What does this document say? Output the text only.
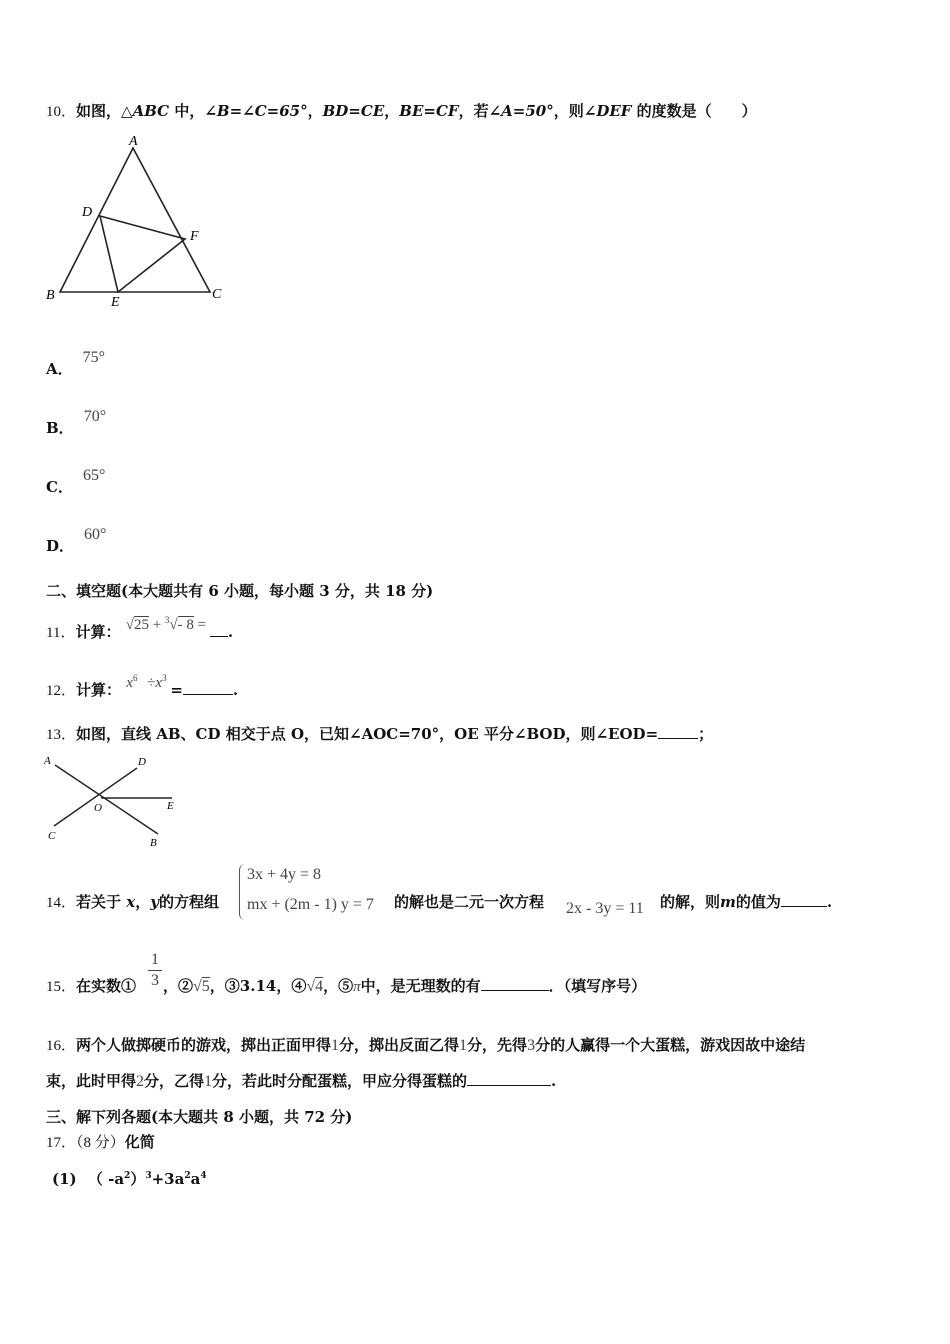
10．如图，△ABC 中，∠B=∠C=65°，BD=CE，BE=CF，若∠A=50°，则∠DEF 的度数是（　　）
A
B	C
D
E
F
A．75°
B．70°
C．65°
D．60°
二、填空题(本大题共有 6 小题，每小题 3 分，共 18 分)
11．计算： √25 + $^3$√- 8 = .
12．计算： $x^6 \div x^3$ =	.
13．如图，直线 AB、CD 相交于点 O，已知∠AOC=70°，OE 平分∠BOD，则∠EOD=	；
A
B
C
D
E
O
14．若关于 x，y的方程组
3x + 4y = 8
mx + (2m - 1) y = 7 的解也是二元一次方程 2x - 3y = 11 的解，则m的值为	.
15．在实数① $\frac{1}{3}$ ，②√5，③3.14，④√4，⑤π中，是无理数的有	．（填写序号）
16．两个人做掷硬币的游戏，掷出正面甲得1分，掷出反面乙得1分，先得3分的人赢得一个大蛋糕，游戏因故中途结
束，此时甲得2分，乙得1分，若此时分配蛋糕，甲应分得蛋糕的	.
三、解下列各题(本大题共 8 小题，共 72 分)
17．（8 分）化简
(1) （ $-a^2)^3+3a^2a^4$
